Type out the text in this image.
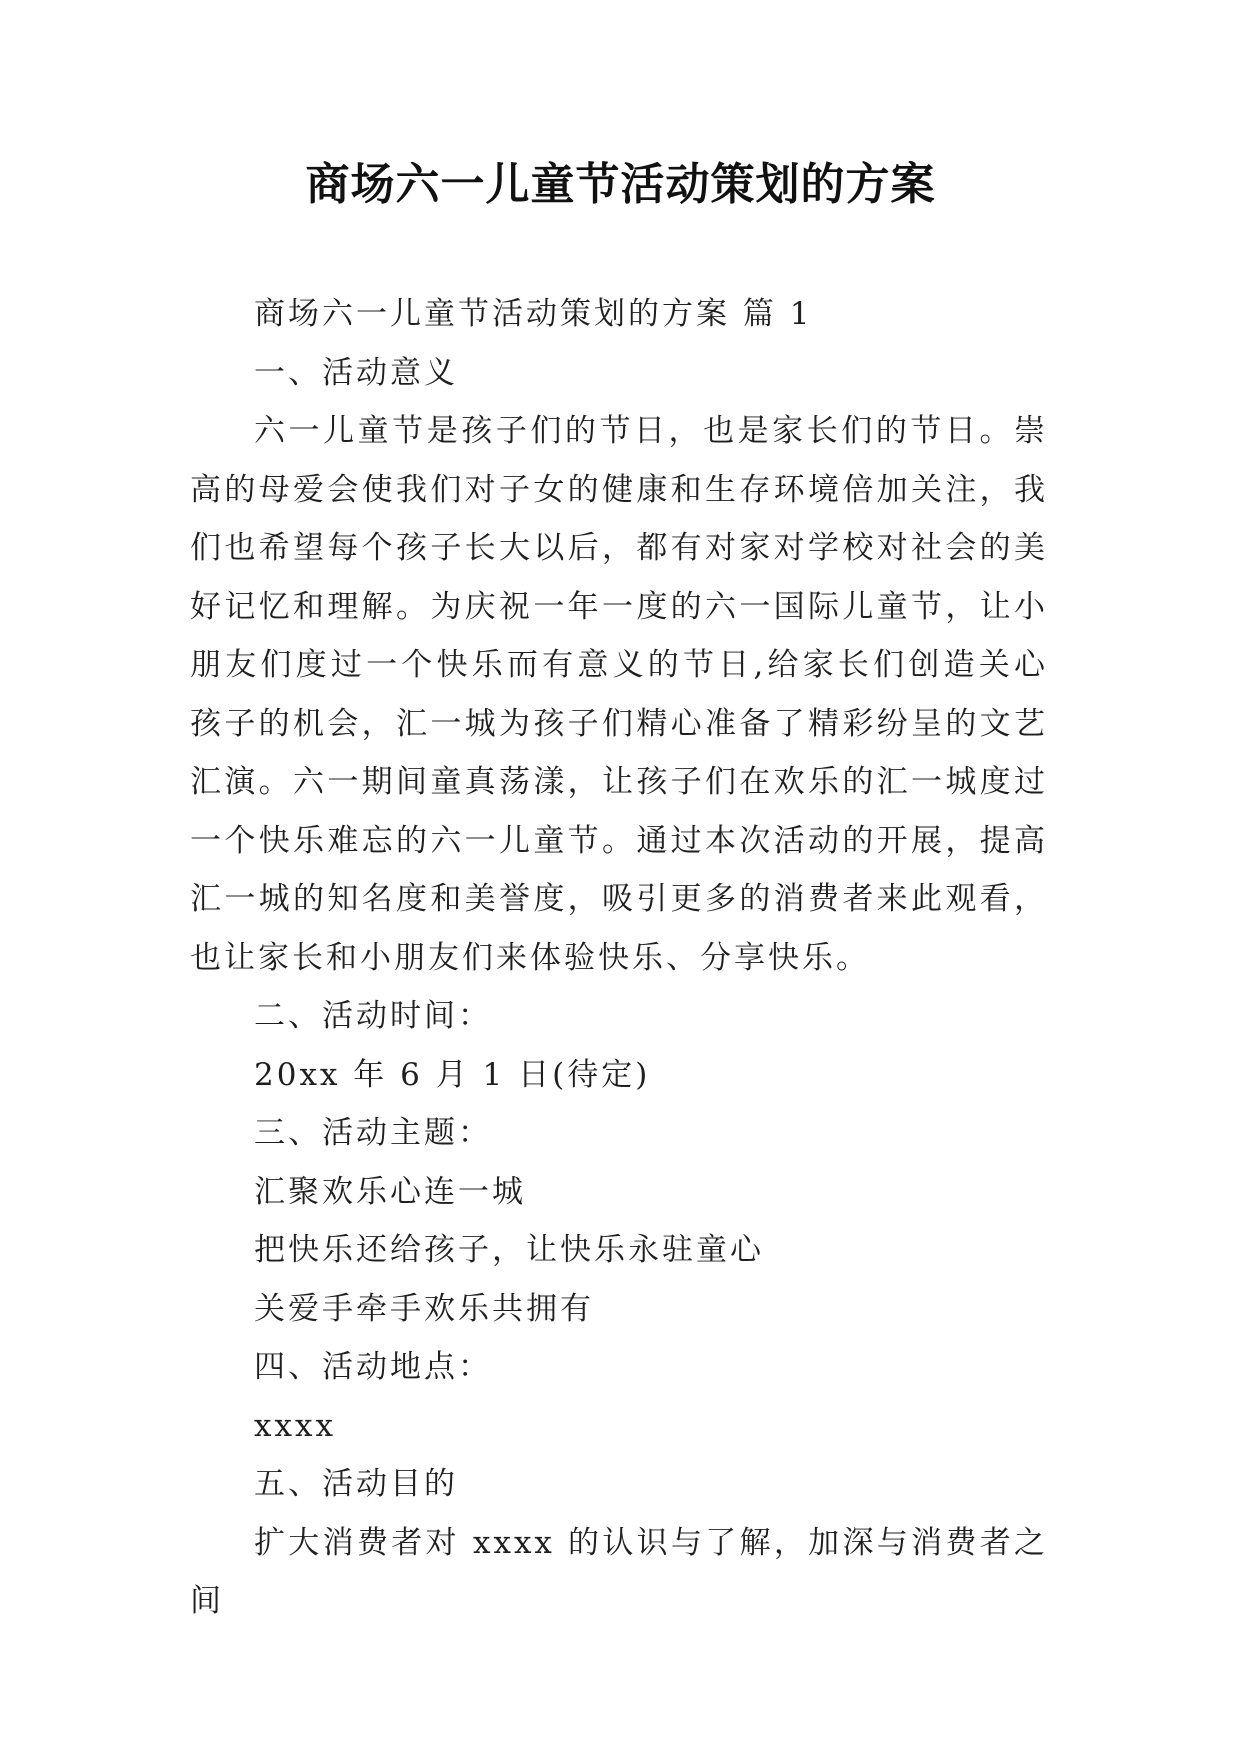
商场六一儿童节活动策划的方案

商场六一儿童节活动策划的方案 篇 1

一、活动意义

六一儿童节是孩子们的节日，也是家长们的节日。崇高的母爱会使我们对子女的健康和生存环境倍加关注，我们也希望每个孩子长大以后，都有对家对学校对社会的美好记忆和理解。为庆祝一年一度的六一国际儿童节，让小朋友们度过一个快乐而有意义的节日,给家长们创造关心孩子的机会，汇一城为孩子们精心准备了精彩纷呈的文艺汇演。六一期间童真荡漾，让孩子们在欢乐的汇一城度过一个快乐难忘的六一儿童节。通过本次活动的开展，提高汇一城的知名度和美誉度，吸引更多的消费者来此观看，也让家长和小朋友们来体验快乐、分享快乐。

二、活动时间：

20xx 年 6 月 1 日(待定)

三、活动主题：

汇聚欢乐心连一城

把快乐还给孩子，让快乐永驻童心

关爱手牵手欢乐共拥有

四、活动地点：

xxxx

五、活动目的

扩大消费者对 xxxx 的认识与了解，加深与消费者之间
